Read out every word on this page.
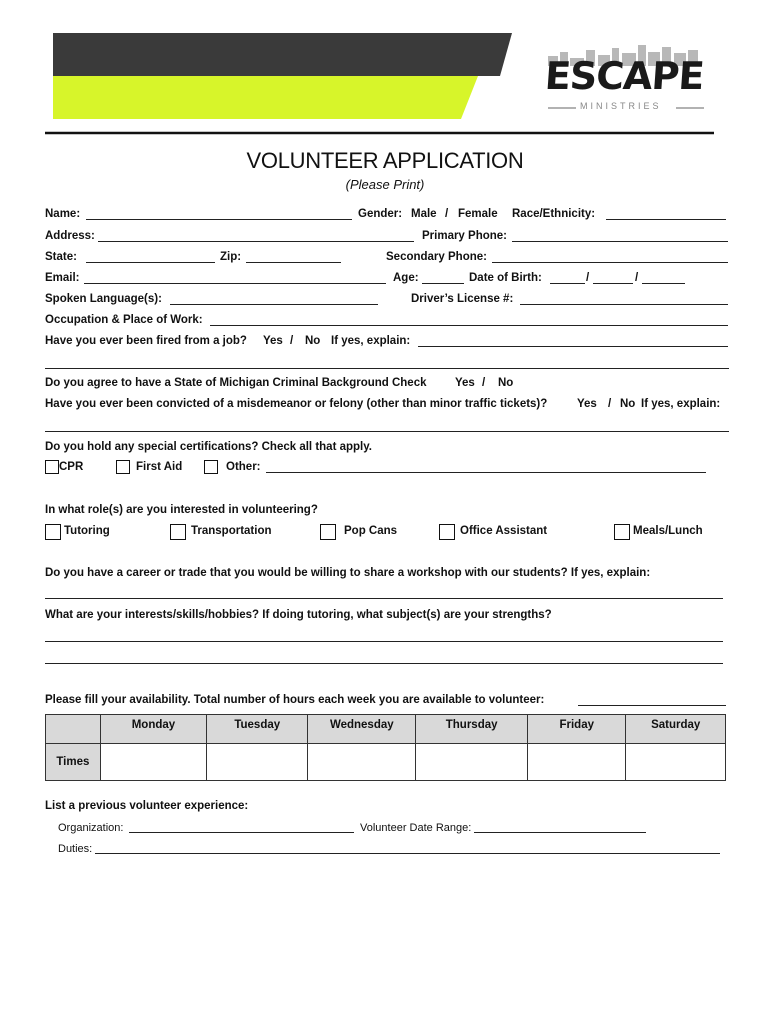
ESCAPE
MINISTRIES
VOLUNTEER APPLICATION
(Please Print)
Name:	Gender: Male / Female Race/Ethnicity:
Address:	Primary Phone:
State:	Zip:	Secondary Phone:
Email:	Age:	Date of Birth:	/	/
Spoken Language(s):	Driver’s License #:
Occupation & Place of Work:
Have you ever been fired from a job? Yes / No If yes, explain:
Do you agree to have a State of Michigan Criminal Background Check Yes / No
Have you ever been convicted of a misdemeanor or felony (other than minor traffic tickets)?	Yes / No If yes, explain:
Do you hold any special certifications? Check all that apply.
CPR	First Aid	Other:
In what role(s) are you interested in volunteering?
Tutoring	Transportation	Pop Cans	Office Assistant	Meals/Lunch
Do you have a career or trade that you would be willing to share a workshop with our students? If yes, explain:
What are your interests/skills/hobbies? If doing tutoring, what subject(s) are your strengths?
Please fill your availability. Total number of hours each week you are available to volunteer:
	Monday	Tuesday	Wednesday	Thursday	Friday	Saturday
Times						
List a previous volunteer experience:
Organization:	Volunteer Date Range:
Duties:
